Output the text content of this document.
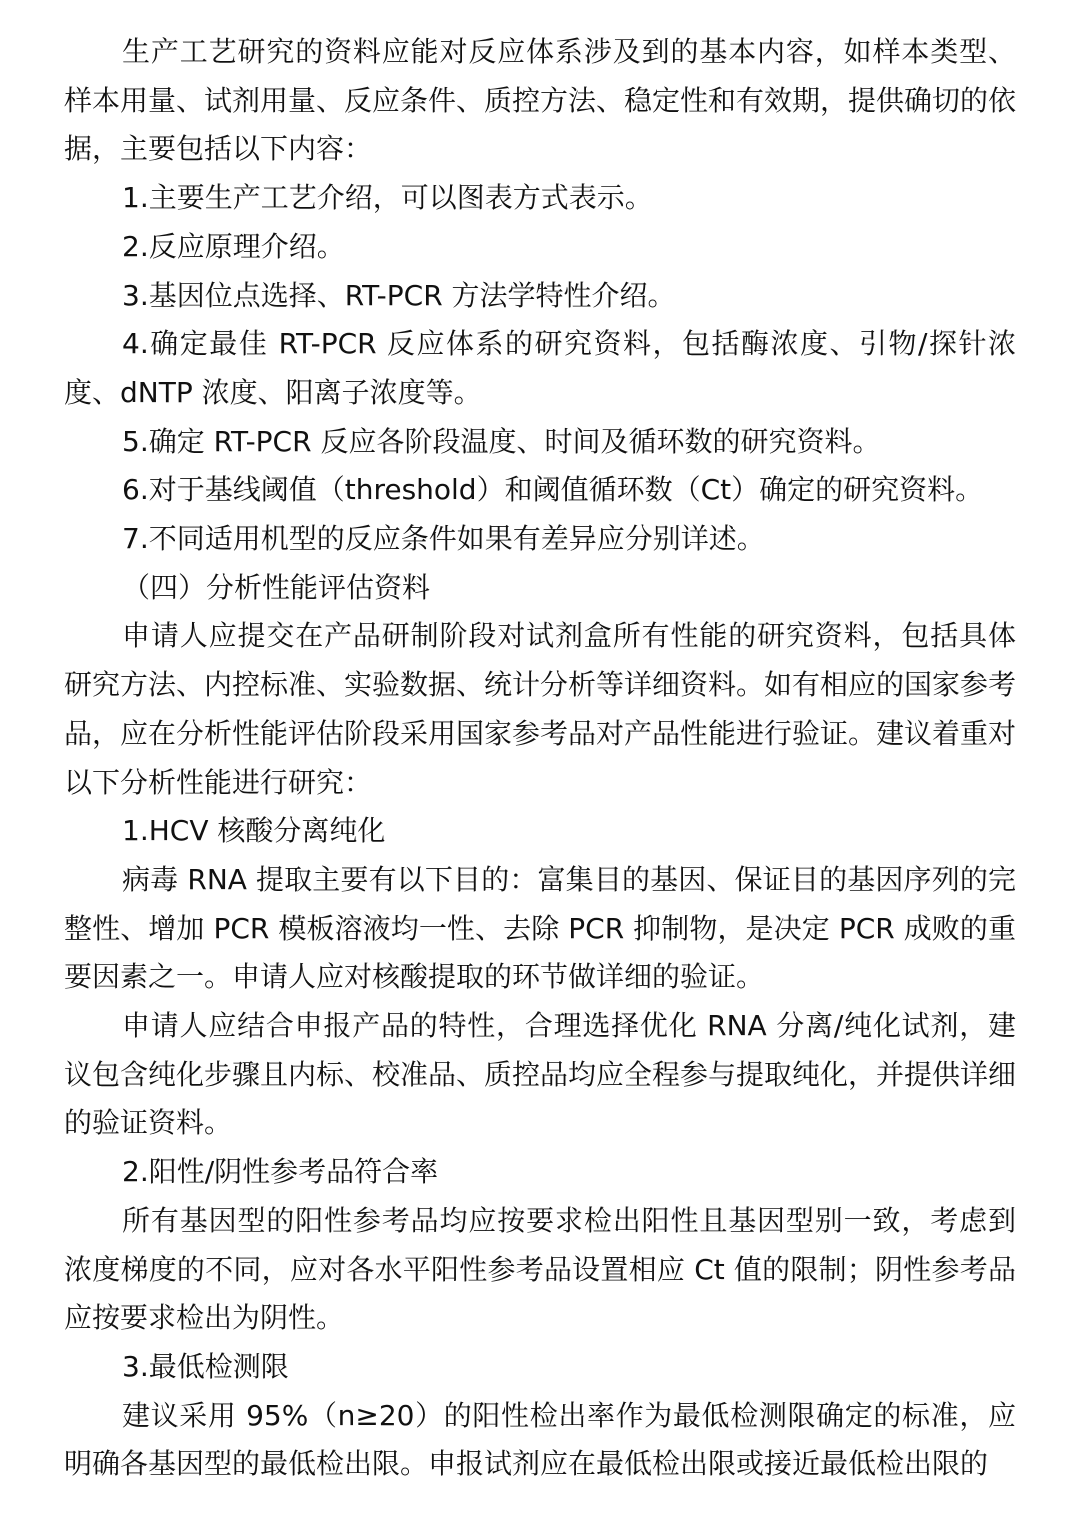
生产工艺研究的资料应能对反应体系涉及到的基本内容，如样本类型、样本用量、试剂用量、反应条件、质控方法、稳定性和有效期，提供确切的依据，主要包括以下内容：

1.主要生产工艺介绍，可以图表方式表示。

2.反应原理介绍。

3.基因位点选择、RT-PCR 方法学特性介绍。

4.确定最佳 RT-PCR 反应体系的研究资料，包括酶浓度、引物/探针浓度、dNTP 浓度、阳离子浓度等。

5.确定 RT-PCR 反应各阶段温度、时间及循环数的研究资料。

6.对于基线阈值（threshold）和阈值循环数（Ct）确定的研究资料。

7.不同适用机型的反应条件如果有差异应分别详述。

（四）分析性能评估资料

申请人应提交在产品研制阶段对试剂盒所有性能的研究资料，包括具体研究方法、内控标准、实验数据、统计分析等详细资料。如有相应的国家参考品，应在分析性能评估阶段采用国家参考品对产品性能进行验证。建议着重对以下分析性能进行研究：

1.HCV 核酸分离纯化

病毒 RNA 提取主要有以下目的：富集目的基因、保证目的基因序列的完整性、增加 PCR 模板溶液均一性、去除 PCR 抑制物，是决定 PCR 成败的重要因素之一。申请人应对核酸提取的环节做详细的验证。

申请人应结合申报产品的特性，合理选择优化 RNA 分离/纯化试剂，建议包含纯化步骤且内标、校准品、质控品均应全程参与提取纯化，并提供详细的验证资料。

2.阳性/阴性参考品符合率

所有基因型的阳性参考品均应按要求检出阳性且基因型别一致，考虑到浓度梯度的不同，应对各水平阳性参考品设置相应 Ct 值的限制；阴性参考品应按要求检出为阴性。

3.最低检测限

建议采用 95%（n≥20）的阳性检出率作为最低检测限确定的标准，应明确各基因型的最低检出限。申报试剂应在最低检出限或接近最低检出限的
